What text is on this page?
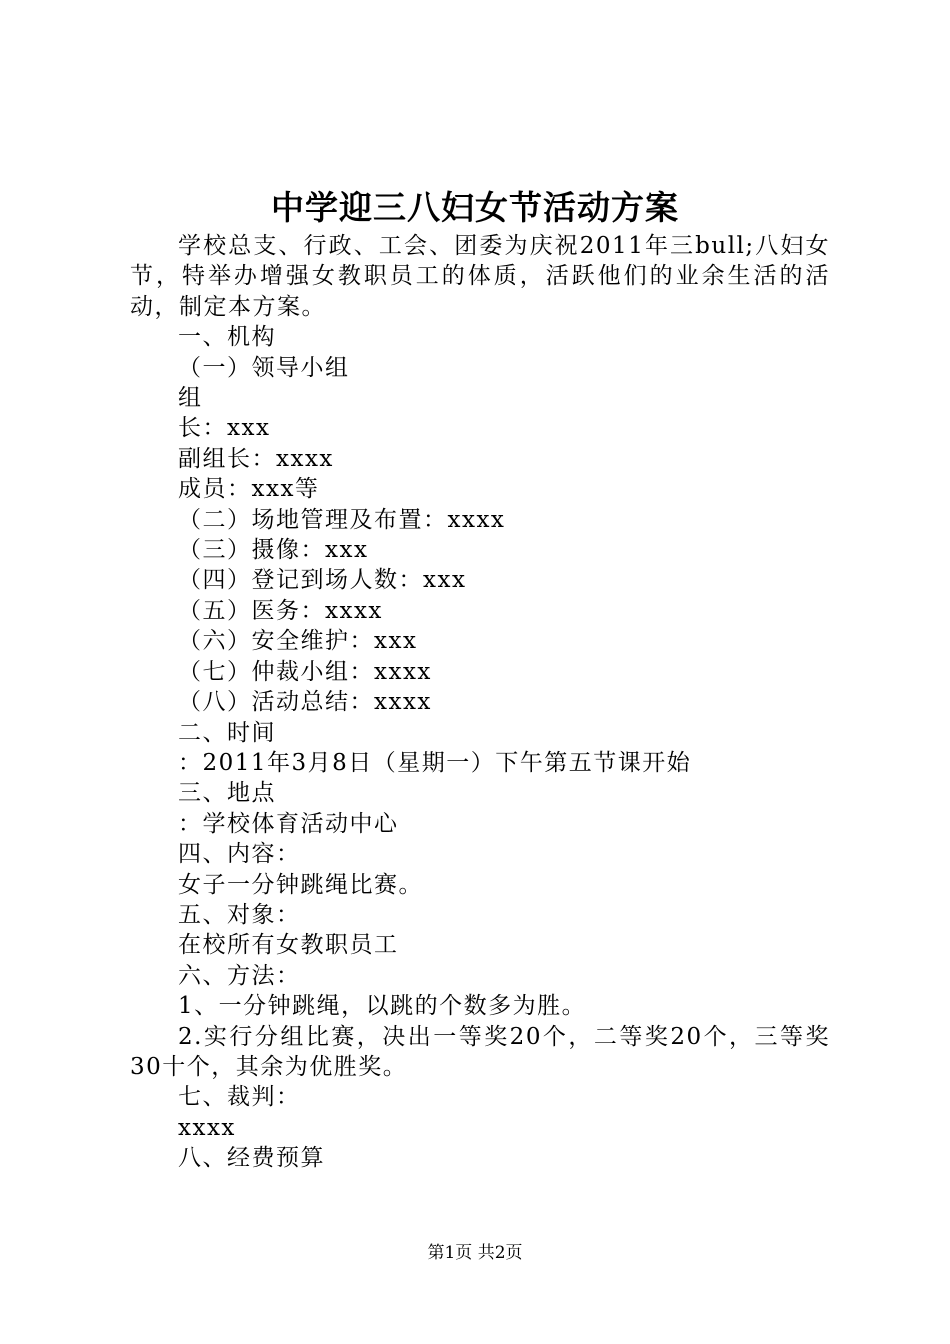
中学迎三八妇女节活动方案

学校总支、行政、工会、团委为庆祝2011年三bull;八妇女节，特举办增强女教职员工的体质，活跃他们的业余生活的活动，制定本方案。

一、机构

（一）领导小组

组

长：xxx

副组长：xxxx

成员：xxx等

（二）场地管理及布置：xxxx

（三）摄像：xxx

（四）登记到场人数：xxx

（五）医务：xxxx

（六）安全维护：xxx

（七）仲裁小组：xxxx

（八）活动总结：xxxx

二、时间

：2011年3月8日（星期一）下午第五节课开始

三、地点

：学校体育活动中心

四、内容：

女子一分钟跳绳比赛。

五、对象：

在校所有女教职员工

六、方法：

1、一分钟跳绳，以跳的个数多为胜。

2.实行分组比赛，决出一等奖20个，二等奖20个，三等奖30十个，其余为优胜奖。

七、裁判：

xxxx

八、经费预算

第1页 共2页
